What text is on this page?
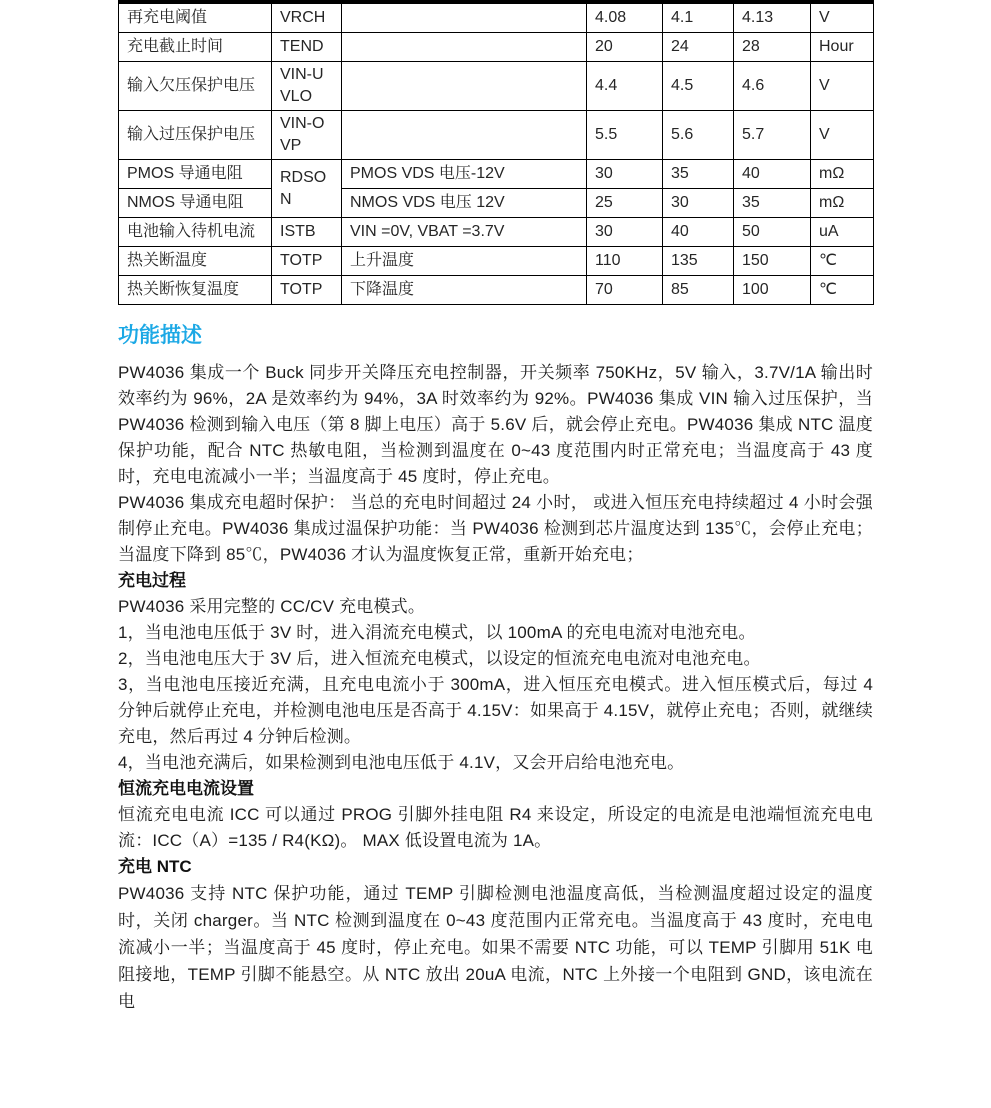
再充电阈值	VRCH		4.08	4.1	4.13	V
充电截止时间	TEND		20	24	28	Hour
输入欠压保护电压	VIN-UVLO		4.4	4.5	4.6	V
输入过压保护电压	VIN-OVP		5.5	5.6	5.7	V
PMOS 导通电阻	RDSON	PMOS VDS 电压-12V	30	35	40	mΩ
NMOS 导通电阻		NMOS VDS 电压 12V	25	30	35	mΩ
电池输入待机电流	ISTB	VIN =0V, VBAT =3.7V	30	40	50	uA
热关断温度	TOTP	上升温度	110	135	150	℃
热关断恢复温度	TOTP	下降温度	70	85	100	℃
功能描述

PW4036 集成一个 Buck 同步开关降压充电控制器，开关频率 750KHz，5V 输入，3.7V/1A 输出时效率约为 96%，2A 是效率约为 94%，3A 时效率约为 92%。PW4036 集成 VIN 输入过压保护，当 PW4036 检测到输入电压（第 8 脚上电压）高于 5.6V 后，就会停止充电。PW4036 集成 NTC 温度保护功能，配合 NTC 热敏电阻，当检测到温度在 0~43 度范围内时正常充电；当温度高于 43 度时，充电电流减小一半；当温度高于 45 度时，停止充电。

PW4036 集成充电超时保护： 当总的充电时间超过 24 小时， 或进入恒压充电持续超过 4 小时会强制停止充电。PW4036 集成过温保护功能：当 PW4036 检测到芯片温度达到 135℃，会停止充电；当温度下降到 85℃，PW4036 才认为温度恢复正常，重新开始充电；

充电过程

PW4036 采用完整的 CC/CV 充电模式。

1，当电池电压低于 3V 时，进入涓流充电模式，以 100mA 的充电电流对电池充电。

2，当电池电压大于 3V 后，进入恒流充电模式，以设定的恒流充电电流对电池充电。

3，当电池电压接近充满，且充电电流小于 300mA，进入恒压充电模式。进入恒压模式后，每过 4 分钟后就停止充电，并检测电池电压是否高于 4.15V：如果高于 4.15V，就停止充电；否则，就继续充电，然后再过 4 分钟后检测。

4，当电池充满后，如果检测到电池电压低于 4.1V，又会开启给电池充电。

恒流充电电流设置

恒流充电电流 ICC 可以通过 PROG 引脚外挂电阻 R4 来设定，所设定的电流是电池端恒流充电电流：ICC（A）=135 / R4(KΩ)。 MAX 低设置电流为 1A。

充电 NTC

PW4036 支持 NTC 保护功能，通过 TEMP 引脚检测电池温度高低，当检测温度超过设定的温度时，关闭 charger。当 NTC 检测到温度在 0~43 度范围内正常充电。当温度高于 43 度时，充电电流减小一半；当温度高于 45 度时，停止充电。如果不需要 NTC 功能，可以 TEMP 引脚用 51K 电阻接地，TEMP 引脚不能悬空。从 NTC 放出 20uA 电流，NTC 上外接一个电阻到 GND，该电流在电
